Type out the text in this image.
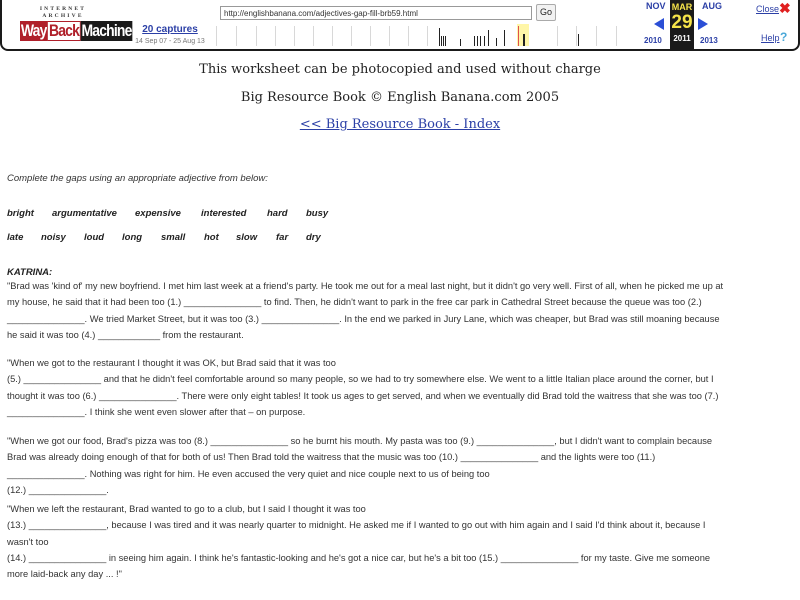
INTERNET ARCHIVE
Way Back Machine	20 captures
14 Sep 07 - 25 Aug 13
http://englishbanana.com/adjectives-gap-fill-brb59.html	Go
NOV
2010
MAR
29
2011
AUG
2013
Close ✖
Help ?
This worksheet can be photocopied and used without charge
Big Resource Book © English Banana.com 2005
<< Big Resource Book - Index
Complete the gaps using an appropriate adjective from below:
bright argumentative expensive interested hard busy
late noisy loud long small hot slow far dry
KATRINA:
"Brad was 'kind of' my new boyfriend. I met him last week at a friend's party. He took me out for a meal last night, but it didn't go very well. First of all, when he picked me up at
my house, he said that it had been too (1.) _______________ to find. Then, he didn't want to park in the free car park in Cathedral Street because the queue was too (2.)
_______________. We tried Market Street, but it was too (3.) _______________. In the end we parked in Jury Lane, which was cheaper, but Brad was still moaning because
he said it was too (4.) ____________ from the restaurant.
"When we got to the restaurant I thought it was OK, but Brad said that it was too
(5.) _______________ and that he didn't feel comfortable around so many people, so we had to try somewhere else. We went to a little Italian place around the corner, but I
thought it was too (6.) _______________. There were only eight tables! It took us ages to get served, and when we eventually did Brad told the waitress that she was too (7.)
_______________. I think she went even slower after that – on purpose.
"When we got our food, Brad's pizza was too (8.) _______________ so he burnt his mouth. My pasta was too (9.) _______________, but I didn't want to complain because
Brad was already doing enough of that for both of us! Then Brad told the waitress that the music was too (10.) _______________ and the lights were too (11.)
_______________. Nothing was right for him. He even accused the very quiet and nice couple next to us of being too
(12.) _______________.
"When we left the restaurant, Brad wanted to go to a club, but I said I thought it was too
(13.) _______________, because I was tired and it was nearly quarter to midnight. He asked me if I wanted to go out with him again and I said I'd think about it, because I
wasn't too
(14.) _______________ in seeing him again. I think he's fantastic-looking and he's got a nice car, but he's a bit too (15.) _______________ for my taste. Give me someone
more laid-back any day ... !"
